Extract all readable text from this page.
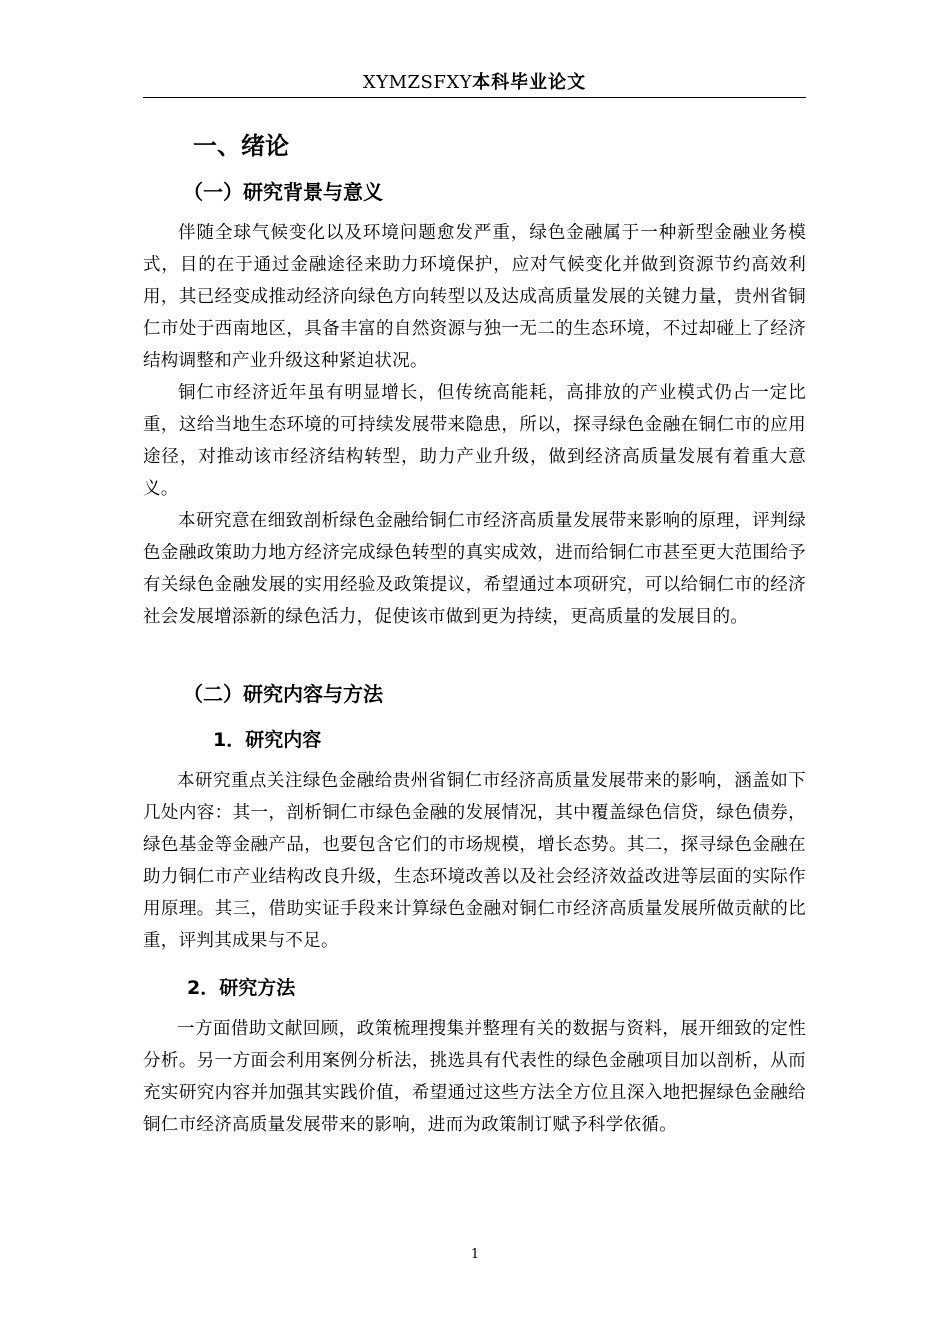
XYMZSFXY本科毕业论文
一、绪论
（一）研究背景与意义

伴随全球气候变化以及环境问题愈发严重，绿色金融属于一种新型金融业务模式，目的在于通过金融途径来助力环境保护，应对气候变化并做到资源节约高效利用，其已经变成推动经济向绿色方向转型以及达成高质量发展的关键力量，贵州省铜仁市处于西南地区，具备丰富的自然资源与独一无二的生态环境，不过却碰上了经济结构调整和产业升级这种紧迫状况。

铜仁市经济近年虽有明显增长，但传统高能耗，高排放的产业模式仍占一定比重，这给当地生态环境的可持续发展带来隐患，所以，探寻绿色金融在铜仁市的应用途径，对推动该市经济结构转型，助力产业升级，做到经济高质量发展有着重大意义。

本研究意在细致剖析绿色金融给铜仁市经济高质量发展带来影响的原理，评判绿色金融政策助力地方经济完成绿色转型的真实成效，进而给铜仁市甚至更大范围给予有关绿色金融发展的实用经验及政策提议，希望通过本项研究，可以给铜仁市的经济社会发展增添新的绿色活力，促使该市做到更为持续，更高质量的发展目的。

（二）研究内容与方法
1．研究内容

本研究重点关注绿色金融给贵州省铜仁市经济高质量发展带来的影响，涵盖如下几处内容：其一，剖析铜仁市绿色金融的发展情况，其中覆盖绿色信贷，绿色债券，绿色基金等金融产品，也要包含它们的市场规模，增长态势。其二，探寻绿色金融在助力铜仁市产业结构改良升级，生态环境改善以及社会经济效益改进等层面的实际作用原理。其三，借助实证手段来计算绿色金融对铜仁市经济高质量发展所做贡献的比重，评判其成果与不足。

2．研究方法

一方面借助文献回顾，政策梳理搜集并整理有关的数据与资料，展开细致的定性分析。另一方面会利用案例分析法，挑选具有代表性的绿色金融项目加以剖析，从而充实研究内容并加强其实践价值，希望通过这些方法全方位且深入地把握绿色金融给铜仁市经济高质量发展带来的影响，进而为政策制订赋予科学依循。

1
